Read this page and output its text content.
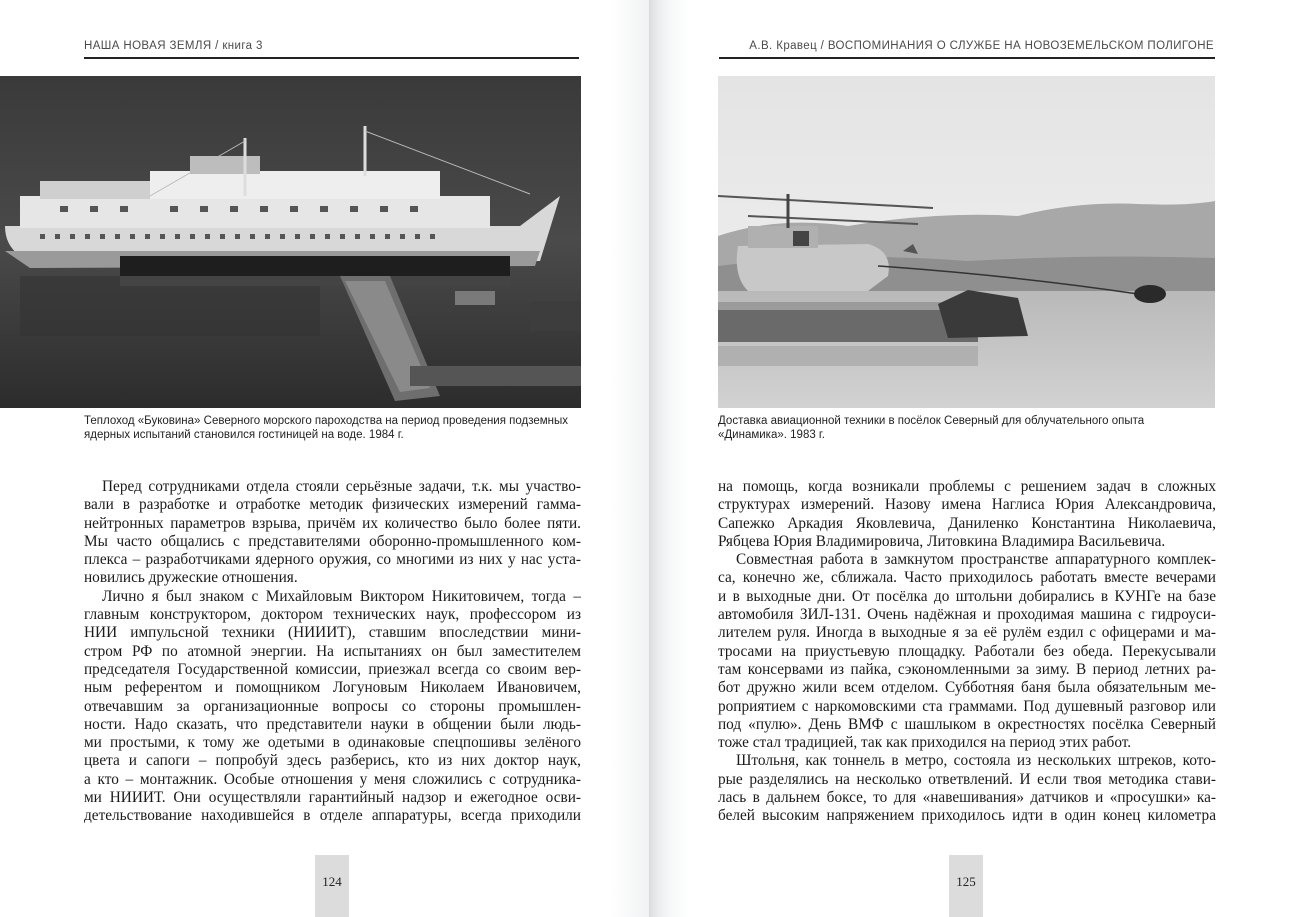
НАША НОВАЯ ЗЕМЛЯ / книга 3

Теплоход «Буковина» Северного морского пароходства на период проведения подземных

ядерных испытаний становился гостиницей на воде. 1984 г.

Перед сотрудниками отдела стояли серьёзные задачи, т.к. мы участво-
вали в разработке и отработке методик физических измерений гамма-
нейтронных параметров взрыва, причём их количество было более пяти.
Мы часто общались с представителями оборонно-промышленного ком-
плекса – разработчиками ядерного оружия, со многими из них у нас уста-
новились дружеские отношения.
Лично я был знаком с Михайловым Виктором Никитовичем, тогда –
главным конструктором, доктором технических наук, профессором из
НИИ импульсной техники (НИИИТ), ставшим впоследствии мини-
стром РФ по атомной энергии. На испытаниях он был заместителем
председателя Государственной комиссии, приезжал всегда со своим вер-
ным референтом и помощником Логуновым Николаем Ивановичем,
отвечавшим за организационные вопросы со стороны промышлен-
ности. Надо сказать, что представители науки в общении были людь-
ми простыми, к тому же одетыми в одинаковые спецпошивы зелёного
цвета и сапоги – попробуй здесь разберись, кто из них доктор наук,
а кто – монтажник. Особые отношения у меня сложились с сотрудника-
ми НИИИТ. Они осуществляли гарантийный надзор и ежегодное осви-
детельствование находившейся в отделе аппаратуры, всегда приходили
124
А.В. Кравец / ВОСПОМИНАНИЯ О СЛУЖБЕ НА НОВОЗЕМЕЛЬСКОМ ПОЛИГОНЕ

Доставка авиационной техники в посёлок Северный для облучательного опыта

«Динамика». 1983 г.

на помощь, когда возникали проблемы с решением задач в сложных
структурах измерений. Назову имена Наглиса Юрия Александровича,
Сапежко Аркадия Яковлевича, Даниленко Константина Николаевича,
Рябцева Юрия Владимировича, Литовкина Владимира Васильевича.
Совместная работа в замкнутом пространстве аппаратурного комплек-
са, конечно же, сближала. Часто приходилось работать вместе вечерами
и в выходные дни. От посёлка до штольни добирались в КУНГе на базе
автомобиля ЗИЛ-131. Очень надёжная и проходимая машина с гидроуси-
лителем руля. Иногда в выходные я за её рулём ездил с офицерами и ма-
тросами на приустьевую площадку. Работали без обеда. Перекусывали
там консервами из пайка, сэкономленными за зиму. В период летних ра-
бот дружно жили всем отделом. Субботняя баня была обязательным ме-
роприятием с наркомовскими ста граммами. Под душевный разговор или
под «пулю». День ВМФ с шашлыком в окрестностях посёлка Северный
тоже стал традицией, так как приходился на период этих работ.
Штольня, как тоннель в метро, состояла из нескольких штреков, кото-
рые разделялись на несколько ответвлений. И если твоя методика стави-
лась в дальнем боксе, то для «навешивания» датчиков и «просушки» ка-
белей высоким напряжением приходилось идти в один конец километра
125
